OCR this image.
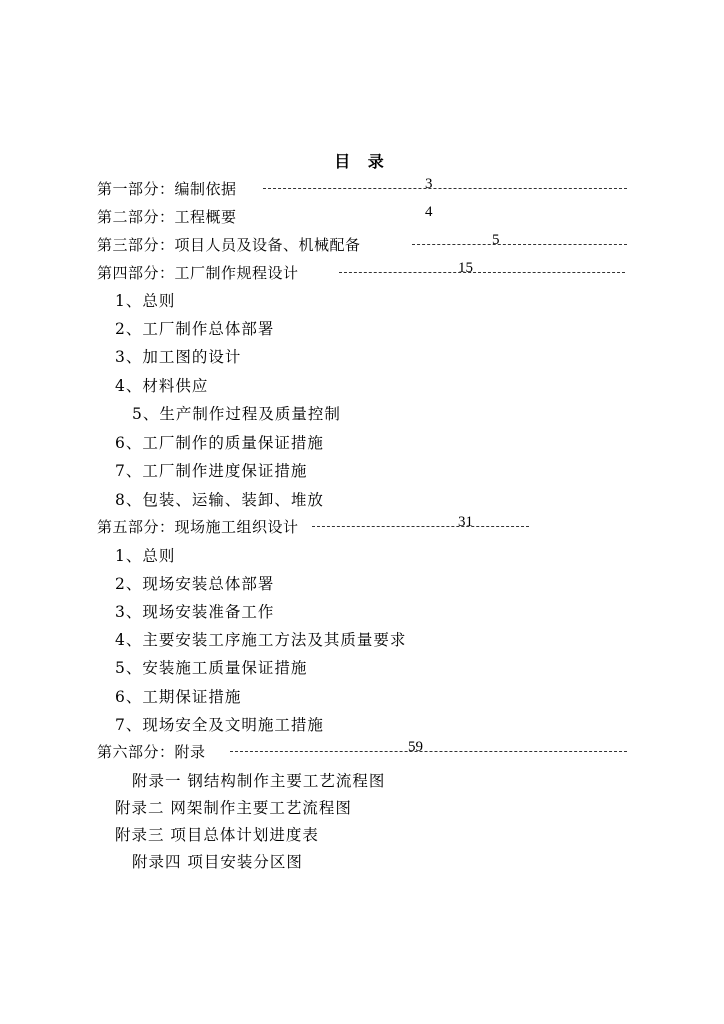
目 录
第一部分：编制依据	3
第二部分：工程概要	4
第三部分：项目人员及设备、机械配备	5
第四部分：工厂制作规程设计	15
1、总则
2、工厂制作总体部署
3、加工图的设计
4、材料供应
5、生产制作过程及质量控制
6、工厂制作的质量保证措施
7、工厂制作进度保证措施
8、包装、运输、装卸、堆放
第五部分：现场施工组织设计	31
1、总则
2、现场安装总体部署
3、现场安装准备工作
4、主要安装工序施工方法及其质量要求
5、安装施工质量保证措施
6、工期保证措施
7、现场安全及文明施工措施
第六部分：附录	59
附录一 钢结构制作主要工艺流程图
附录二 网架制作主要工艺流程图
附录三 项目总体计划进度表
附录四 项目安装分区图
